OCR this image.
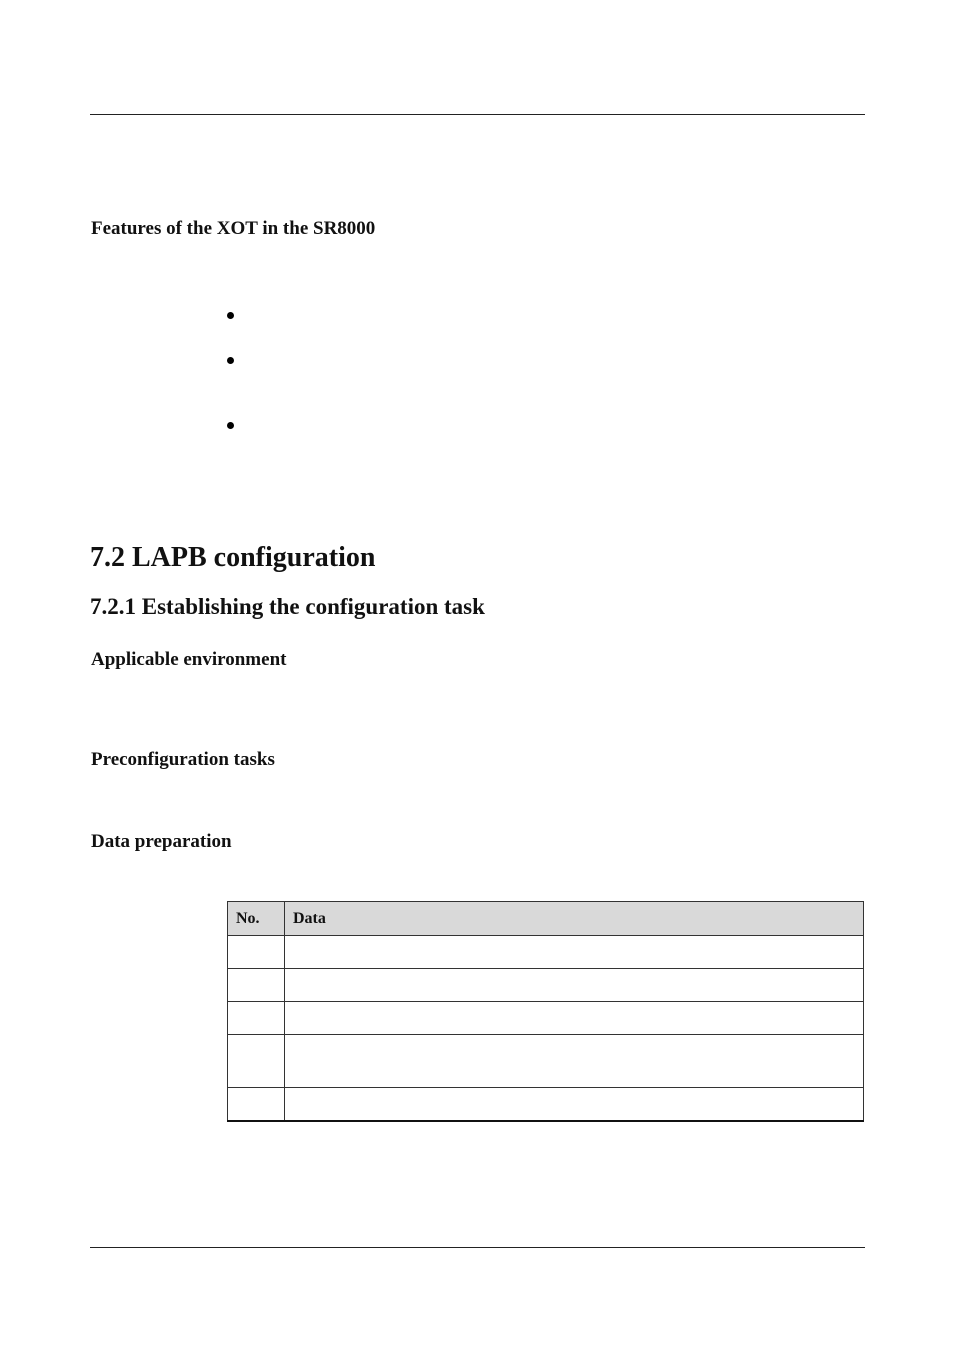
Features of the XOT in the SR8000
7.2 LAPB configuration
7.2.1 Establishing the configuration task
Applicable environment
Preconfiguration tasks
Data preparation
No.	Data
